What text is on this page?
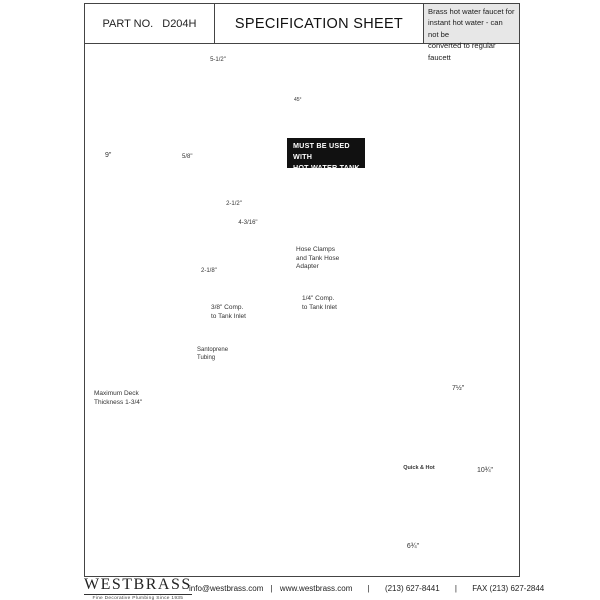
PART NO. D204H	SPECIFICATION SHEET
Brass hot water faucet for
instant hot water - can not be
converted to regular faucett
MUST BE USED WITH
HOT WATER TANK
5-1/2"
45°
9"	5/8"
2-1/2"
4-3/16"
2-1/8"
7½"
10¾"
6¾"
Hose Clamps
and Tank Hose
Adapter
3/8" Comp.
to Tank Inlet
1/4" Comp.
to Tank Inlet
Santoprene
Tubing
Maximum Deck
Thickness 1-3/4"
Quick & Hot
WESTBRASS
Fine Decorative Plumbing Since 1935
info@westbrass.com | www.westbrass.com | (213) 627-8441 | FAX (213) 627-2844
